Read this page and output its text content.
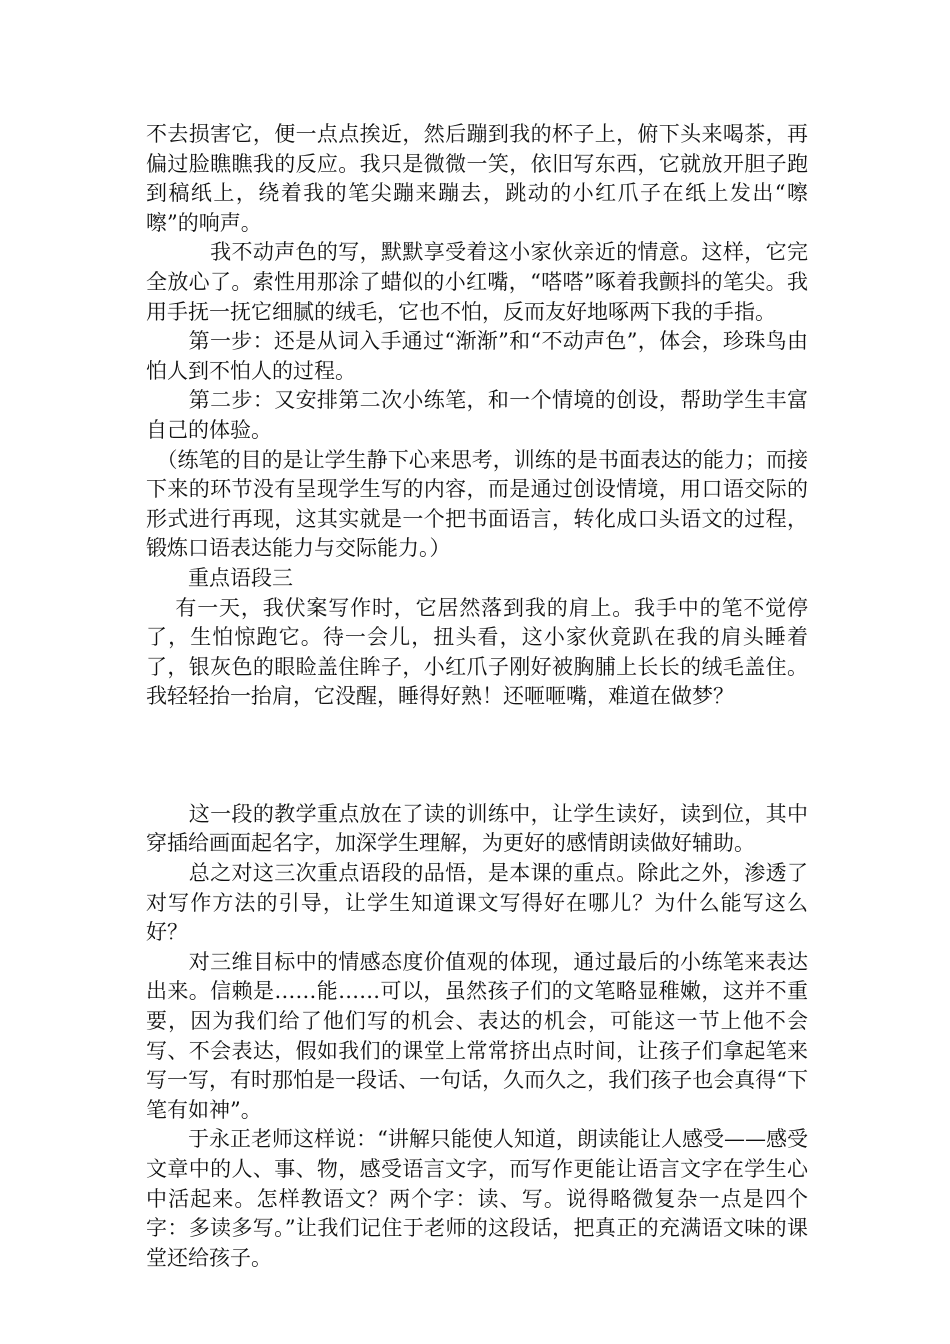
不去损害它，便一点点挨近，然后蹦到我的杯子上，俯下头来喝茶，再偏过脸瞧瞧我的反应。我只是微微一笑，依旧写东西，它就放开胆子跑到稿纸上，绕着我的笔尖蹦来蹦去，跳动的小红爪子在纸上发出“嚓嚓”的响声。

　　　我不动声色的写，默默享受着这小家伙亲近的情意。这样，它完全放心了。索性用那涂了蜡似的小红嘴，“嗒嗒”啄着我颤抖的笔尖。我用手抚一抚它细腻的绒毛，它也不怕，反而友好地啄两下我的手指。

　　第一步：还是从词入手通过“渐渐”和“不动声色”，体会，珍珠鸟由怕人到不怕人的过程。

　　第二步：又安排第二次小练笔，和一个情境的创设，帮助学生丰富自己的体验。

　（练笔的目的是让学生静下心来思考，训练的是书面表达的能力；而接下来的环节没有呈现学生写的内容，而是通过创设情境，用口语交际的形式进行再现，这其实就是一个把书面语言，转化成口头语文的过程，锻炼口语表达能力与交际能力。）

　　重点语段三

　 有一天，我伏案写作时，它居然落到我的肩上。我手中的笔不觉停了，生怕惊跑它。待一会儿，扭头看，这小家伙竟趴在我的肩头睡着了，银灰色的眼睑盖住眸子，小红爪子刚好被胸脯上长长的绒毛盖住。我轻轻抬一抬肩，它没醒，睡得好熟！还咂咂嘴，难道在做梦？

　　这一段的教学重点放在了读的训练中，让学生读好，读到位，其中穿插给画面起名字，加深学生理解，为更好的感情朗读做好辅助。

　　总之对这三次重点语段的品悟，是本课的重点。除此之外，渗透了对写作方法的引导，让学生知道课文写得好在哪儿？为什么能写这么好？

　　对三维目标中的情感态度价值观的体现，通过最后的小练笔来表达出来。信赖是……能……可以，虽然孩子们的文笔略显稚嫩，这并不重要，因为我们给了他们写的机会、表达的机会，可能这一节上他不会写、不会表达，假如我们的课堂上常常挤出点时间，让孩子们拿起笔来写一写，有时那怕是一段话、一句话，久而久之，我们孩子也会真得“下笔有如神”。

　　于永正老师这样说：“讲解只能使人知道，朗读能让人感受——感受文章中的人、事、物，感受语言文字，而写作更能让语言文字在学生心中活起来。怎样教语文？两个字：读、写。说得略微复杂一点是四个字：多读多写。”让我们记住于老师的这段话，把真正的充满语文味的课堂还给孩子。
